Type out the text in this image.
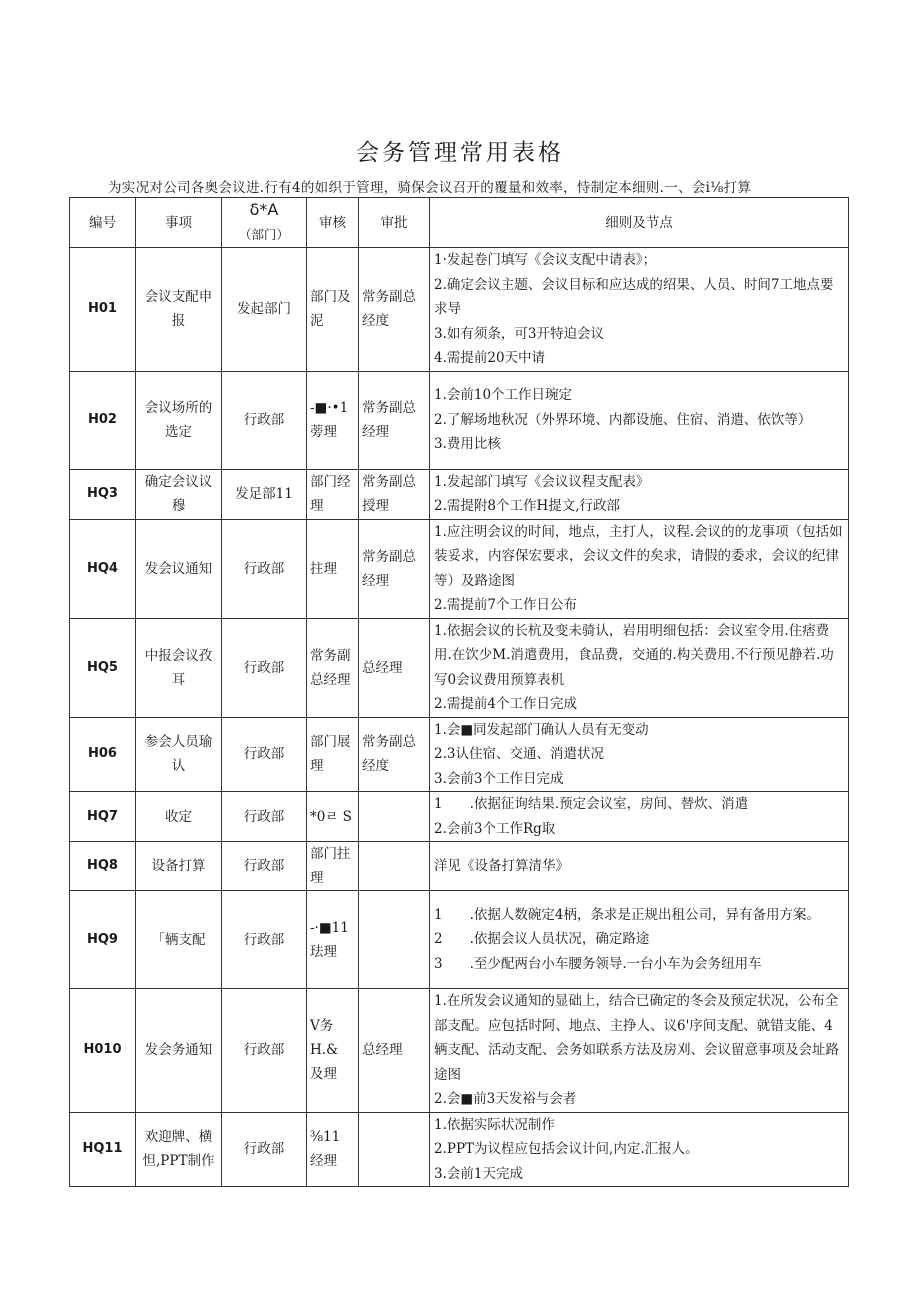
会务管理常用表格
为实况对公司各奥会议进.行有4的如织于管理，骑保会议召开的覆量和效率，恃制定本细则.一、会i⅛打算
编号	事项	δ*A
（部门）	审核	审批	细则及节点
H01	会议支配申报	发起部门	部门及泥	常务副总经度	1·发起卷门填写《会议支配中请表》；
2.确定会议主题、会议目标和应达成的绍果、人员、时间7工地点要求导
3.如有须条，可3开特迫会议
4.需提前20天中请

H02	会议场所的选定	行政部	-■·•1 蒡理	常务副总经理	1.会前10个工作日琬定
2.了解场地秋况（外界环境、内都设施、住宿、消遣、依饮等）
3.费用比核

HQ3	确定会议议穆	发足部11	部门经理	常务副总授理	1.发起部门填写《会议议程支配表》
2.需提附8个工作H提文,行政部

HQ4	发会议通知	行政部	拄理	常务副总经理	1.应注明会议的时间，地点，主打人，议程.会议的的龙事项（包括如装妥求，内容保宏要求，会议文件的矣求，请假的委求，会议的纪律等）及路途图
2.需提前7个工作日公布

HQ5	中报会议孜耳	行政部	常务副总经理	总经理	1.依据会议的长杭及变未骑认，岩用明细包括：会议室令用.住痞费用.在饮少M.消遣费用，食品费，交通的.构关费用.不行预见静若.功写0会议费用预算表机
2.需提前4个工作日完成

H06	参会人员瑜认	行政部	部门展理	常务副总经度	1.会■同发起部门确认人员有无变动
2.3认住宿、交通、消遣状况
3.会前3个工作日完成

HQ7	收定	行政部	*0ㄹ S		1　　.依据征询结果.预定会议室，房间、替炊、消遣
2.会前3个工作Rg取

HQ8	设备打算	行政部	部门拄理		洋见《设备打算清华》

HQ9	「辆支配	行政部	-·■11 珐理		1　　.依据人数碗定4柄，条求是正规出租公司，异有备用方案。
2　　.依据会议人员状况，确定路途
3　　.至少配两台小车腰务领导.一台小车为会务纽用车

H010	发会务通知	行政部	V务 H.& 及理	总经理	1.在所发会议通知的显础上，结合已确定的冬会及预定状况，公布全部支配。应包括时阿、地点、主挣人、议6'序间支配、就错支能、4辆支配、活动支配、会务如联系方法及房刈、会议留意事项及会址路途图
2.会■前3天发裕与会者

HQ11	欢迎牌、横怛,PPT制作	行政部	⅜11 经理		1.依据实际状况制作
2.PPT为议桯应包括会议计问,内定.汇报人。
3.会前1天完成
